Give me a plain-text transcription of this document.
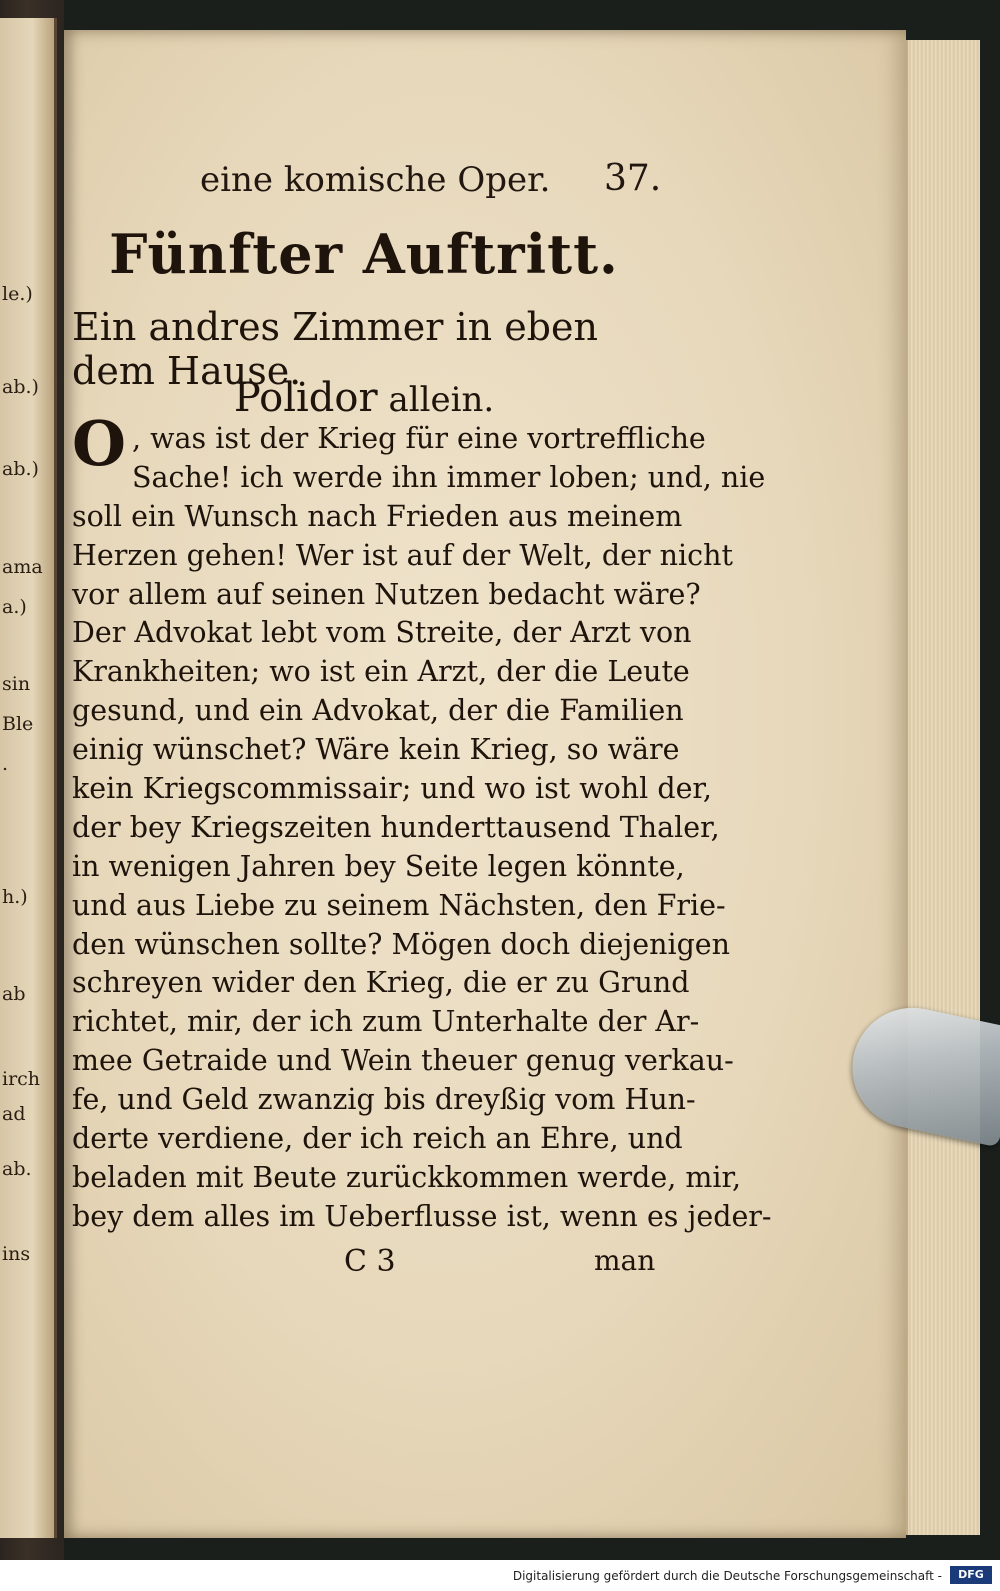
le.)
ab.)
ab.)
ama
a.)
sin
Ble
.
h.)
ab
irch
ad
ab.
ins
eine komische Oper. 37.
Fünfter Auftritt.
Ein andres Zimmer in eben dem Hause.
Polidor allein.
O , was ist der Krieg für eine vortreffliche
Sache! ich werde ihn immer loben; und, nie
soll ein Wunsch nach Frieden aus meinem
Herzen gehen! Wer ist auf der Welt, der nicht
vor allem auf seinen Nutzen bedacht wäre?
Der Advokat lebt vom Streite, der Arzt von
Krankheiten; wo ist ein Arzt, der die Leute
gesund, und ein Advokat, der die Familien
einig wünschet? Wäre kein Krieg, so wäre
kein Kriegscommissair; und wo ist wohl der,
der bey Kriegszeiten hunderttausend Thaler,
in wenigen Jahren bey Seite legen könnte,
und aus Liebe zu seinem Nächsten, den Frie-
den wünschen sollte? Mögen doch diejenigen
schreyen wider den Krieg, die er zu Grund
richtet, mir, der ich zum Unterhalte der Ar-
mee Getraide und Wein theuer genug verkau-
fe, und Geld zwanzig bis dreyßig vom Hun-
derte verdiene, der ich reich an Ehre, und
beladen mit Beute zurückkommen werde, mir,
bey dem alles im Ueberflusse ist, wenn es jeder-
C 3	man
Digitalisierung gefördert durch die Deutsche Forschungsgemeinschaft -	DFG
